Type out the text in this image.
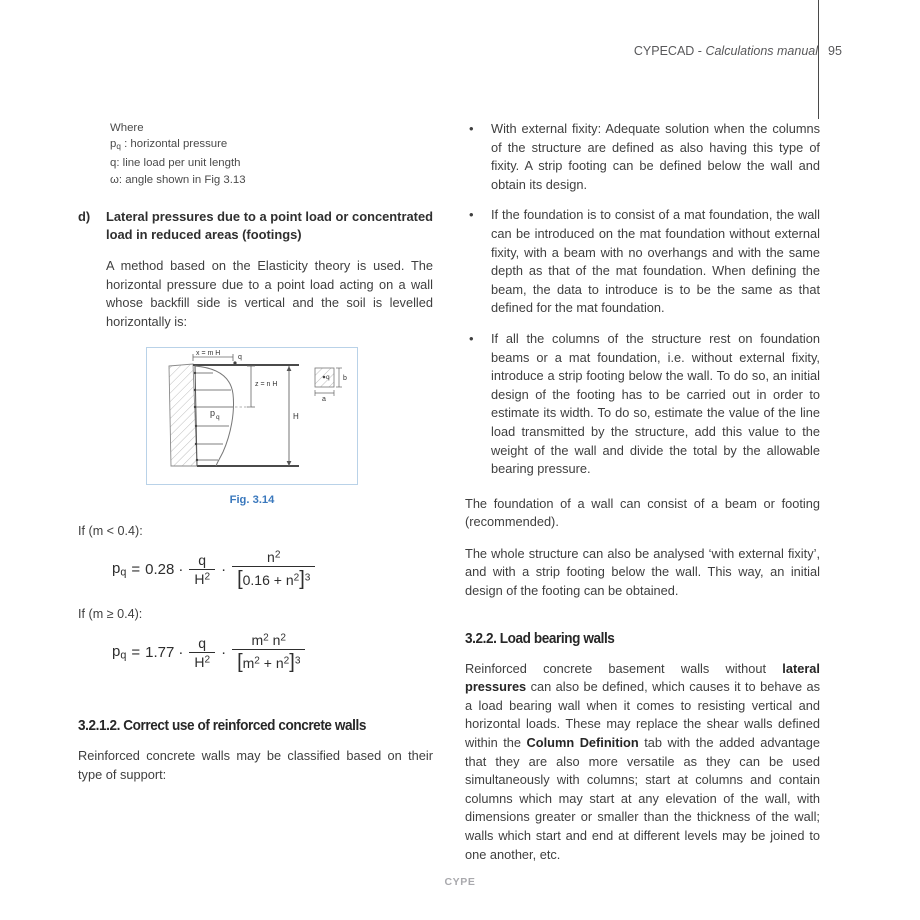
CYPECAD - Calculations manual 95
Where
$p_q$ : horizontal pressure
q: line load per unit length
ω: angle shown in Fig 3.13
d)	Lateral pressures due to a point load or concentrated load in reduced areas (footings)
A method based on the Elasticity theory is used. The horizontal pressure due to a point load acting on a wall whose backfill side is vertical and the soil is levelled horizontally is:
x = m H
q
z = n H
H
p q
q b
a
Fig. 3.14
If (m < 0.4):
$p_q = 0.28 \cdot \frac{q}{H^2} \cdot \frac{n^2}{[0.16 + n^2]^3}$
If (m ≥ 0.4):
$p_q = 1.77 \cdot \frac{q}{H^2} \cdot \frac{m^2 n^2}{[m^2 + n^2]^3}$
3.2.1.2. Correct use of reinforced concrete walls
Reinforced concrete walls may be classified based on their type of support:
• With external fixity: Adequate solution when the columns of the structure are defined as also having this type of fixity. A strip footing can be defined below the wall and obtain its design.
• If the foundation is to consist of a mat foundation, the wall can be introduced on the mat foundation without external fixity, with a beam with no overhangs and with the same depth as that of the mat foundation. When defining the beam, the data to introduce is to be the same as that defined for the mat foundation.
• If all the columns of the structure rest on foundation beams or a mat foundation, i.e. without external fixity, introduce a strip footing below the wall. To do so, an initial design of the footing has to be carried out in order to estimate its width. To do so, estimate the value of the line load transmitted by the structure, add this value to the weight of the wall and divide the total by the allowable bearing pressure.
The foundation of a wall can consist of a beam or footing (recommended).
The whole structure can also be analysed ‘with external fixity’, and with a strip footing below the wall. This way, an initial design of the footing can be obtained.
3.2.2. Load bearing walls
Reinforced concrete basement walls without lateral pressures can also be defined, which causes it to behave as a load bearing wall when it comes to resisting vertical and horizontal loads. These may replace the shear walls defined within the Column Definition tab with the added advantage that they are also more versatile as they can be used simultaneously with columns; start at columns and contain columns which may start at any elevation of the wall, with dimensions greater or smaller than the thickness of the wall; walls which start and end at different levels may be joined to one another, etc.
CYPE
